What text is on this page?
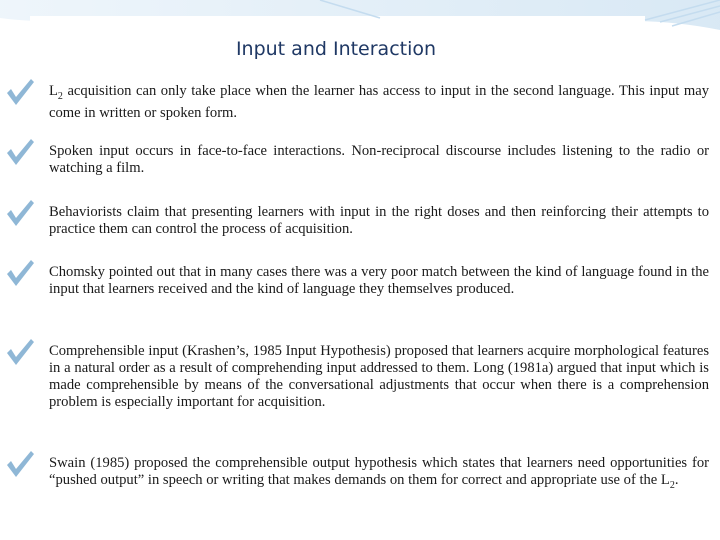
Input and Interaction
$L_2$ acquisition can only take place when the learner has access to input in the second language. This input may come in written or spoken form.
Spoken input occurs in face-to-face interactions. Non-reciprocal discourse includes listening to the radio or watching a film.
Behaviorists claim that presenting learners with input in the right doses and then reinforcing their attempts to practice them can control the process of acquisition.
Chomsky pointed out that in many cases there was a very poor match between the kind of language found in the input that learners received and the kind of language they themselves produced.
Comprehensible input (Krashen’s, 1985 Input Hypothesis) proposed that learners acquire morphological features in a natural order as a result of comprehending input addressed to them. Long (1981a) argued that input which is made comprehensible by means of the conversational adjustments that occur when there is a comprehension problem is especially important for acquisition.
Swain (1985) proposed the comprehensible output hypothesis which states that learners need opportunities for “pushed output” in speech or writing that makes demands on them for correct and appropriate use of the $L_2$.
